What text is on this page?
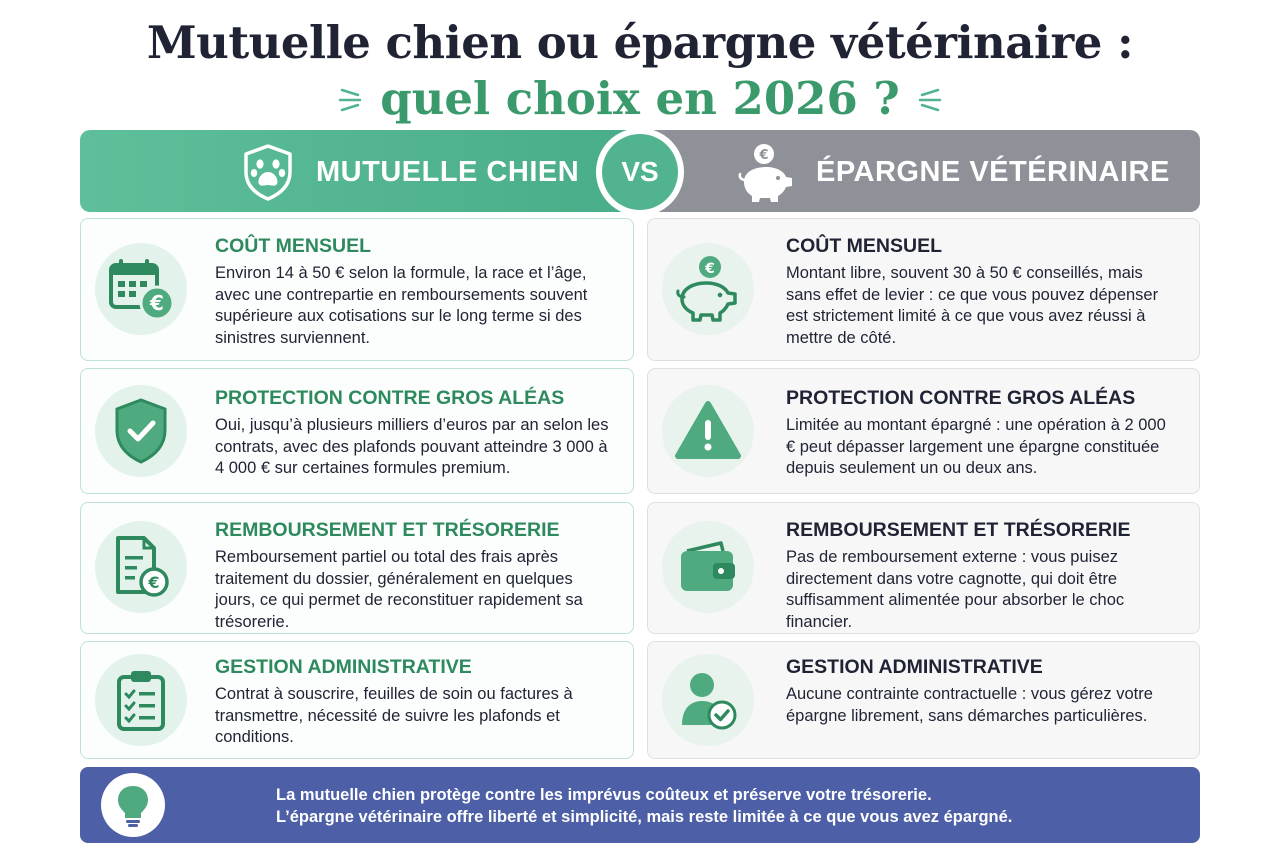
Mutuelle chien ou épargne vétérinaire :
quel choix en 2026 ?
MUTUELLE CHIEN
€
ÉPARGNE VÉTÉRINAIRE
VS
€
COÛT MENSUEL
Environ 14 à 50 € selon la formule, la race et l’âge, avec une contrepartie en remboursements souvent supérieure aux cotisations sur le long terme si des sinistres surviennent.
PROTECTION CONTRE GROS ALÉAS
Oui, jusqu’à plusieurs milliers d’euros par an selon les contrats, avec des plafonds pouvant atteindre 3 000 à 4 000 € sur certaines formules premium.
€
REMBOURSEMENT ET TRÉSORERIE
Remboursement partiel ou total des frais après traitement du dossier, généralement en quelques jours, ce qui permet de reconstituer rapidement sa trésorerie.
GESTION ADMINISTRATIVE
Contrat à souscrire, feuilles de soin ou factures à transmettre, nécessité de suivre les plafonds et conditions.
€
COÛT MENSUEL
Montant libre, souvent 30 à 50 € conseillés, mais sans effet de levier : ce que vous pouvez dépenser est strictement limité à ce que vous avez réussi à mettre de côté.
PROTECTION CONTRE GROS ALÉAS
Limitée au montant épargné : une opération à 2 000 € peut dépasser largement une épargne constituée depuis seulement un ou deux ans.
REMBOURSEMENT ET TRÉSORERIE
Pas de remboursement externe : vous puisez directement dans votre cagnotte, qui doit être suffisamment alimentée pour absorber le choc financier.
GESTION ADMINISTRATIVE
Aucune contrainte contractuelle : vous gérez votre épargne librement, sans démarches particulières.
La mutuelle chien protège contre les imprévus coûteux et préserve votre trésorerie.
L’épargne vétérinaire offre liberté et simplicité, mais reste limitée à ce que vous avez épargné.
